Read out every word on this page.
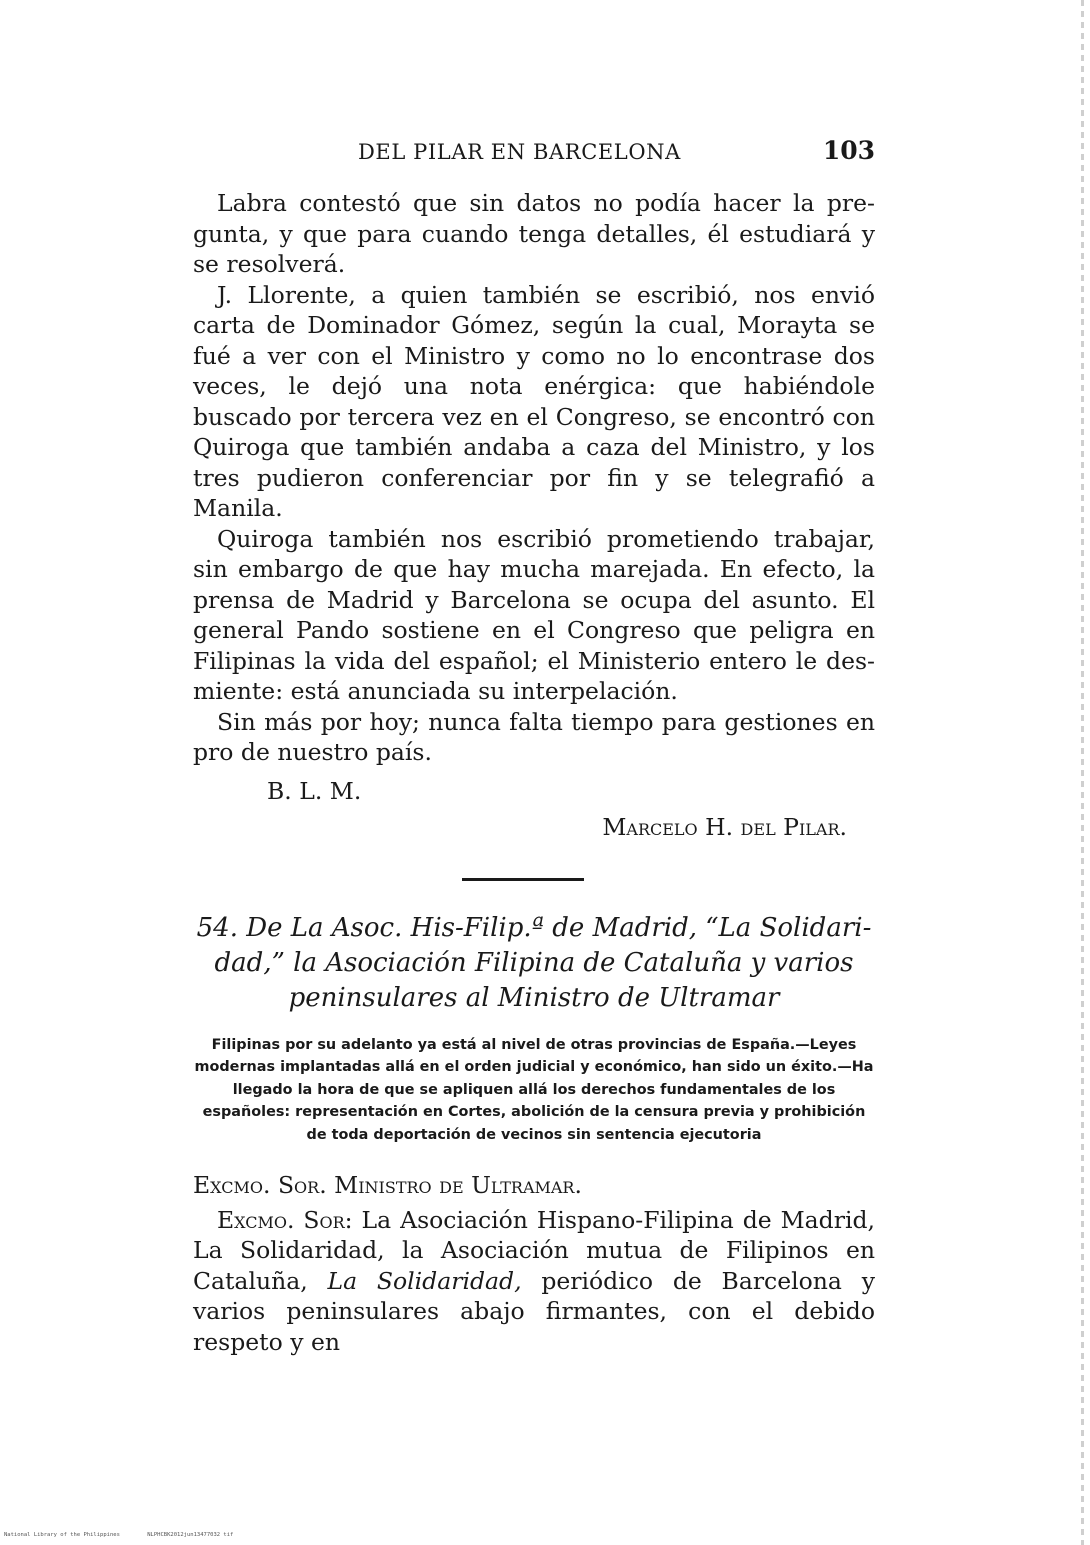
DEL PILAR EN BARCELONA	103

Labra contestó que sin datos no podía hacer la pregunta, y que para cuando tenga detalles, él estudiará y se resolverá.

J. Llorente, a quien también se escribió, nos envió carta de Dominador Gómez, según la cual, Morayta se fué a ver con el Ministro y como no lo encontrase dos veces, le dejó una nota enérgica: que habiéndole buscado por tercera vez en el Congreso, se encontró con Quiroga que también andaba a caza del Ministro, y los tres pudieron conferenciar por fin y se telegrafió a Manila.

Quiroga también nos escribió prometiendo trabajar, sin embargo de que hay mucha marejada. En efecto, la prensa de Madrid y Barcelona se ocupa del asunto. El general Pando sostiene en el Congreso que peligra en Filipinas la vida del español; el Ministerio entero le desmiente: está anunciada su interpelación.

Sin más por hoy; nunca falta tiempo para gestiones en pro de nuestro país.

B. L. M.
Marcelo H. del Pilar.
54. De La Asoc. His-Filip.ª de Madrid, “La Solidaridad,” la Asociación Filipina de Cataluña y varios peninsulares al Ministro de Ultramar
Filipinas por su adelanto ya está al nivel de otras provincias de España.—Leyes modernas implantadas allá en el orden judicial y económico, han sido un éxito.—Ha llegado la hora de que se apliquen allá los derechos fundamentales de los españoles: representación en Cortes, abolición de la censura previa y prohibición de toda deportación de vecinos sin sentencia ejecutoria
Excmo. Sor. Ministro de Ultramar.

Excmo. Sor: La Asociación Hispano-Filipina de Madrid, La Solidaridad, la Asociación mutua de Filipinos en Cataluña, La Solidaridad, periódico de Barcelona y varios peninsulares abajo firmantes, con el debido respeto y en

National Library of the Philippines	NLPHCBK2012jun13477032 tif
